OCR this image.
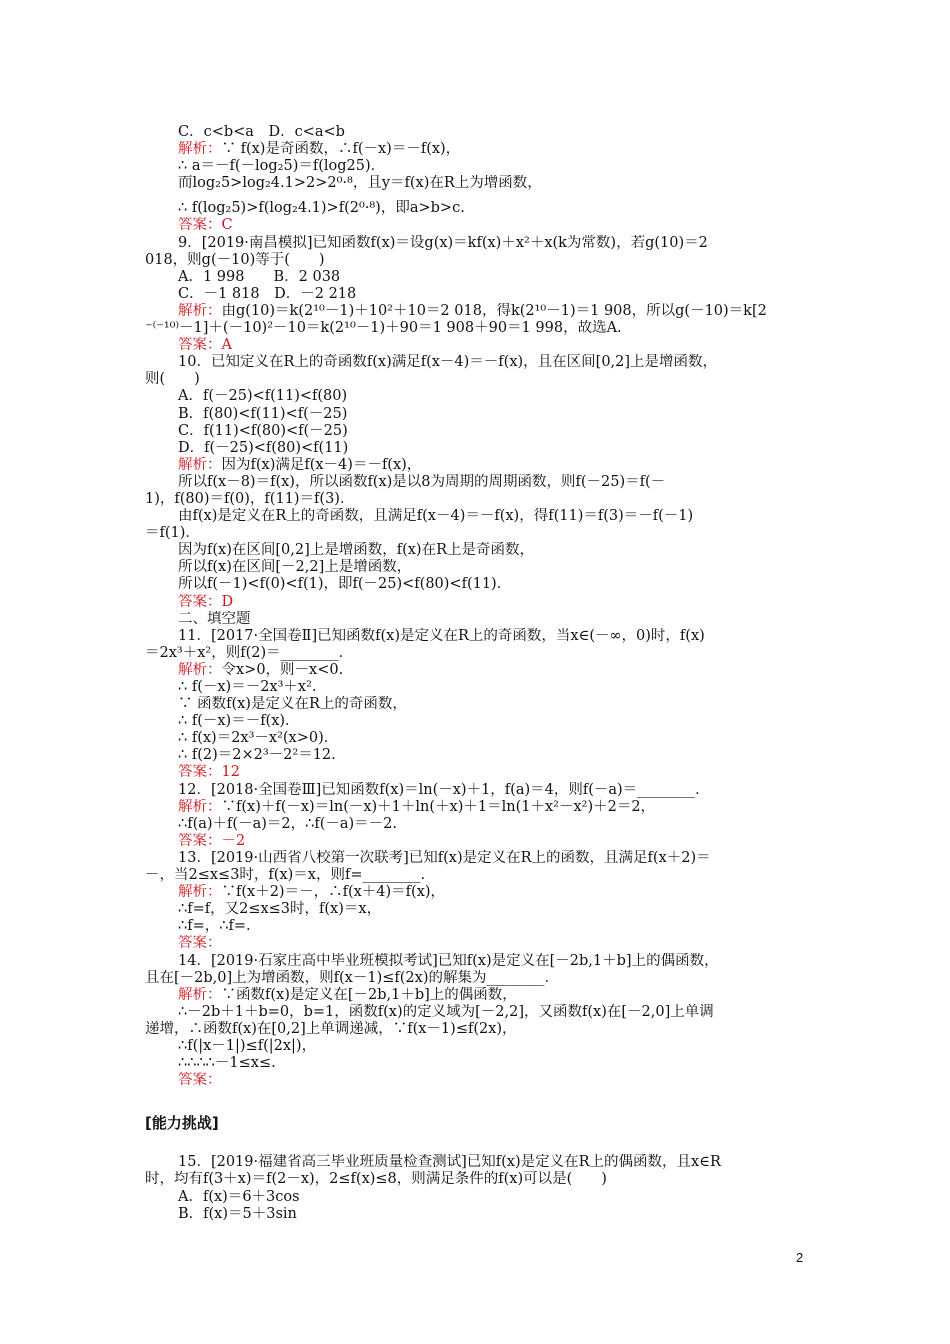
C．c<b<a　D．c<a<b
解析：∵ f(x)是奇函数，∴f(－x)＝－f(x)，
∴ a＝－f(－log₂5)＝f(log25)．
而log₂5>log₂4.1>2>2⁰·⁸，且y＝f(x)在R上为增函数，
∴ f(log₂5)>f(log₂4.1)>f(2⁰·⁸)，即a>b>c.
答案：C
9．[2019·南昌模拟]已知函数f(x)＝设g(x)＝kf(x)＋x²＋x(k为常数)，若g(10)＝2
018，则g(－10)等于(　　)
A．1 998　　B．2 038
C．－1 818　D．－2 218
解析：由g(10)＝k(2¹⁰－1)＋10²＋10＝2 018，得k(2¹⁰－1)＝1 908，所以g(－10)＝k[2
⁻⁽⁻¹⁰⁾－1]＋(－10)²－10＝k(2¹⁰－1)＋90＝1 908＋90＝1 998，故选A.
答案：A
10．已知定义在R上的奇函数f(x)满足f(x－4)＝－f(x)，且在区间[0,2]上是增函数，
则(　　)
A．f(－25)<f(11)<f(80)
B．f(80)<f(11)<f(－25)
C．f(11)<f(80)<f(－25)
D．f(－25)<f(80)<f(11)
解析：因为f(x)满足f(x－4)＝－f(x)，
所以f(x－8)＝f(x)，所以函数f(x)是以8为周期的周期函数，则f(－25)＝f(－
1)，f(80)＝f(0)，f(11)＝f(3)．
由f(x)是定义在R上的奇函数，且满足f(x－4)＝－f(x)，得f(11)＝f(3)＝－f(－1)
＝f(1)．
因为f(x)在区间[0,2]上是增函数，f(x)在R上是奇函数，
所以f(x)在区间[－2,2]上是增函数，
所以f(－1)<f(0)<f(1)，即f(－25)<f(80)<f(11)．
答案：D
二、填空题
11．[2017·全国卷Ⅱ]已知函数f(x)是定义在R上的奇函数，当x∈(－∞，0)时，f(x)
＝2x³＋x²，则f(2)＝________．
解析：令x>0，则－x<0.
∴ f(－x)＝－2x³＋x².
∵ 函数f(x)是定义在R上的奇函数，
∴ f(－x)＝－f(x)．
∴ f(x)＝2x³－x²(x>0)．
∴ f(2)＝2×2³－2²＝12.
答案：12
12．[2018·全国卷Ⅲ]已知函数f(x)＝ln(－x)＋1，f(a)＝4，则f(－a)＝________．
解析：∵f(x)＋f(－x)＝ln(－x)＋1＋ln(＋x)＋1＝ln(1＋x²－x²)＋2＝2，
∴f(a)＋f(－a)＝2，∴f(－a)＝－2.
答案：－2
13．[2019·山西省八校第一次联考]已知f(x)是定义在R上的函数，且满足f(x＋2)＝
－，当2≤x≤3时，f(x)＝x，则f=________.
解析：∵f(x＋2)＝－，∴f(x＋4)＝f(x)，
∴f=f，又2≤x≤3时，f(x)＝x，
∴f=，∴f=.
答案：
14．[2019·石家庄高中毕业班模拟考试]已知f(x)是定义在[－2b,1＋b]上的偶函数，
且在[－2b,0]上为增函数，则f(x－1)≤f(2x)的解集为________．
解析：∵函数f(x)是定义在[－2b,1＋b]上的偶函数，
∴－2b＋1＋b=0，b=1，函数f(x)的定义域为[－2,2]，又函数f(x)在[－2,0]上单调
递增，∴函数f(x)在[0,2]上单调递减，∵f(x－1)≤f(2x)，
∴f(|x－1|)≤f(|2x|)，
∴∴∴∴－1≤x≤.
答案：
[能力挑战]
15．[2019·福建省高三毕业班质量检查测试]已知f(x)是定义在R上的偶函数，且x∈R
时，均有f(3＋x)＝f(2－x)，2≤f(x)≤8，则满足条件的f(x)可以是(　　)
A．f(x)＝6＋3cos
B．f(x)＝5＋3sin
2
